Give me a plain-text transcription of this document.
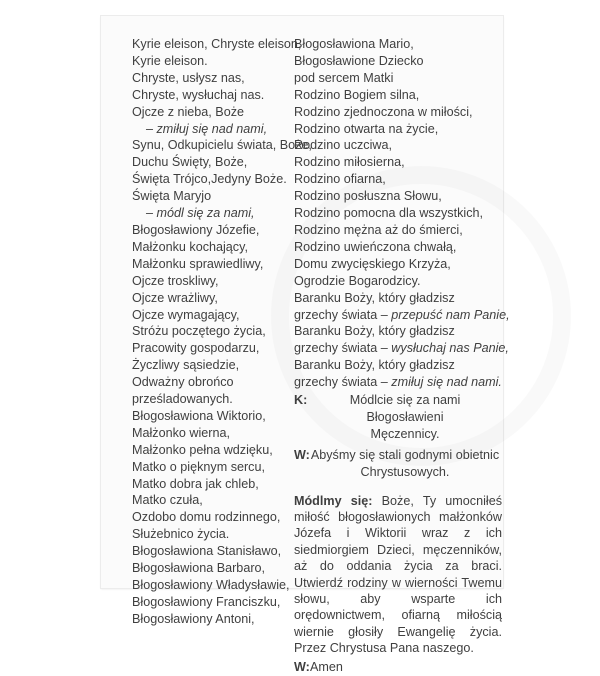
Kyrie eleison, Chryste eleison,
Kyrie eleison.
Chryste, usłysz nas,
Chryste, wysłuchaj nas.
Ojcze z nieba, Boże
– zmiłuj się nad nami,
Synu, Odkupicielu świata, Boże,
Duchu Święty, Boże,
Święta Trójco,Jedyny Boże.
Święta Maryjo
– módl się za nami,
Błogosławiony Józefie,
Małżonku kochający,
Małżonku sprawiedliwy,
Ojcze troskliwy,
Ojcze wrażliwy,
Ojcze wymagający,
Stróżu poczętego życia,
Pracowity gospodarzu,
Życzliwy sąsiedzie,
Odważny obrońco
prześladowanych.
Błogosławiona Wiktorio,
Małżonko wierna,
Małżonko pełna wdzięku,
Matko o pięknym sercu,
Matko dobra jak chleb,
Matko czuła,
Ozdobo domu rodzinnego,
Służebnico życia.
Błogosławiona Stanisławo,
Błogosławiona Barbaro,
Błogosławiony Władysławie,
Błogosławiony Franciszku,
Błogosławiony Antoni,
Błogosławiona Mario,
Błogosławione Dziecko
pod sercem Matki
Rodzino Bogiem silna,
Rodzino zjednoczona w miłości,
Rodzino otwarta na życie,
Rodzino uczciwa,
Rodzino miłosierna,
Rodzino ofiarna,
Rodzino posłuszna Słowu,
Rodzino pomocna dla wszystkich,
Rodzino mężna aż do śmierci,
Rodzino uwieńczona chwałą,
Domu zwycięskiego Krzyża,
Ogrodzie Bogarodzicy.
Baranku Boży, który gładzisz
grzechy świata – przepuść nam Panie,
Baranku Boży, który gładzisz
grzechy świata – wysłuchaj nas Panie,
Baranku Boży, który gładzisz
grzechy świata – zmiłuj się nad nami.
K:	Módlcie się za nami Błogosławieni
Męczennicy.
W: Abyśmy się stali godnymi obietnic
Chrystusowych.
Módlmy się: Boże, Ty umocniłeś miłość błogosławionych małżonków Józefa i Wiktorii wraz z ich siedmiorgiem Dzieci, męczenników, aż do oddania życia za braci. Utwierdź rodziny w wierności Twemu słowu, aby wsparte ich orędownictwem, ofiarną miłością wiernie głosiły Ewangelię życia. Przez Chrystusa Pana naszego.
W: Amen
